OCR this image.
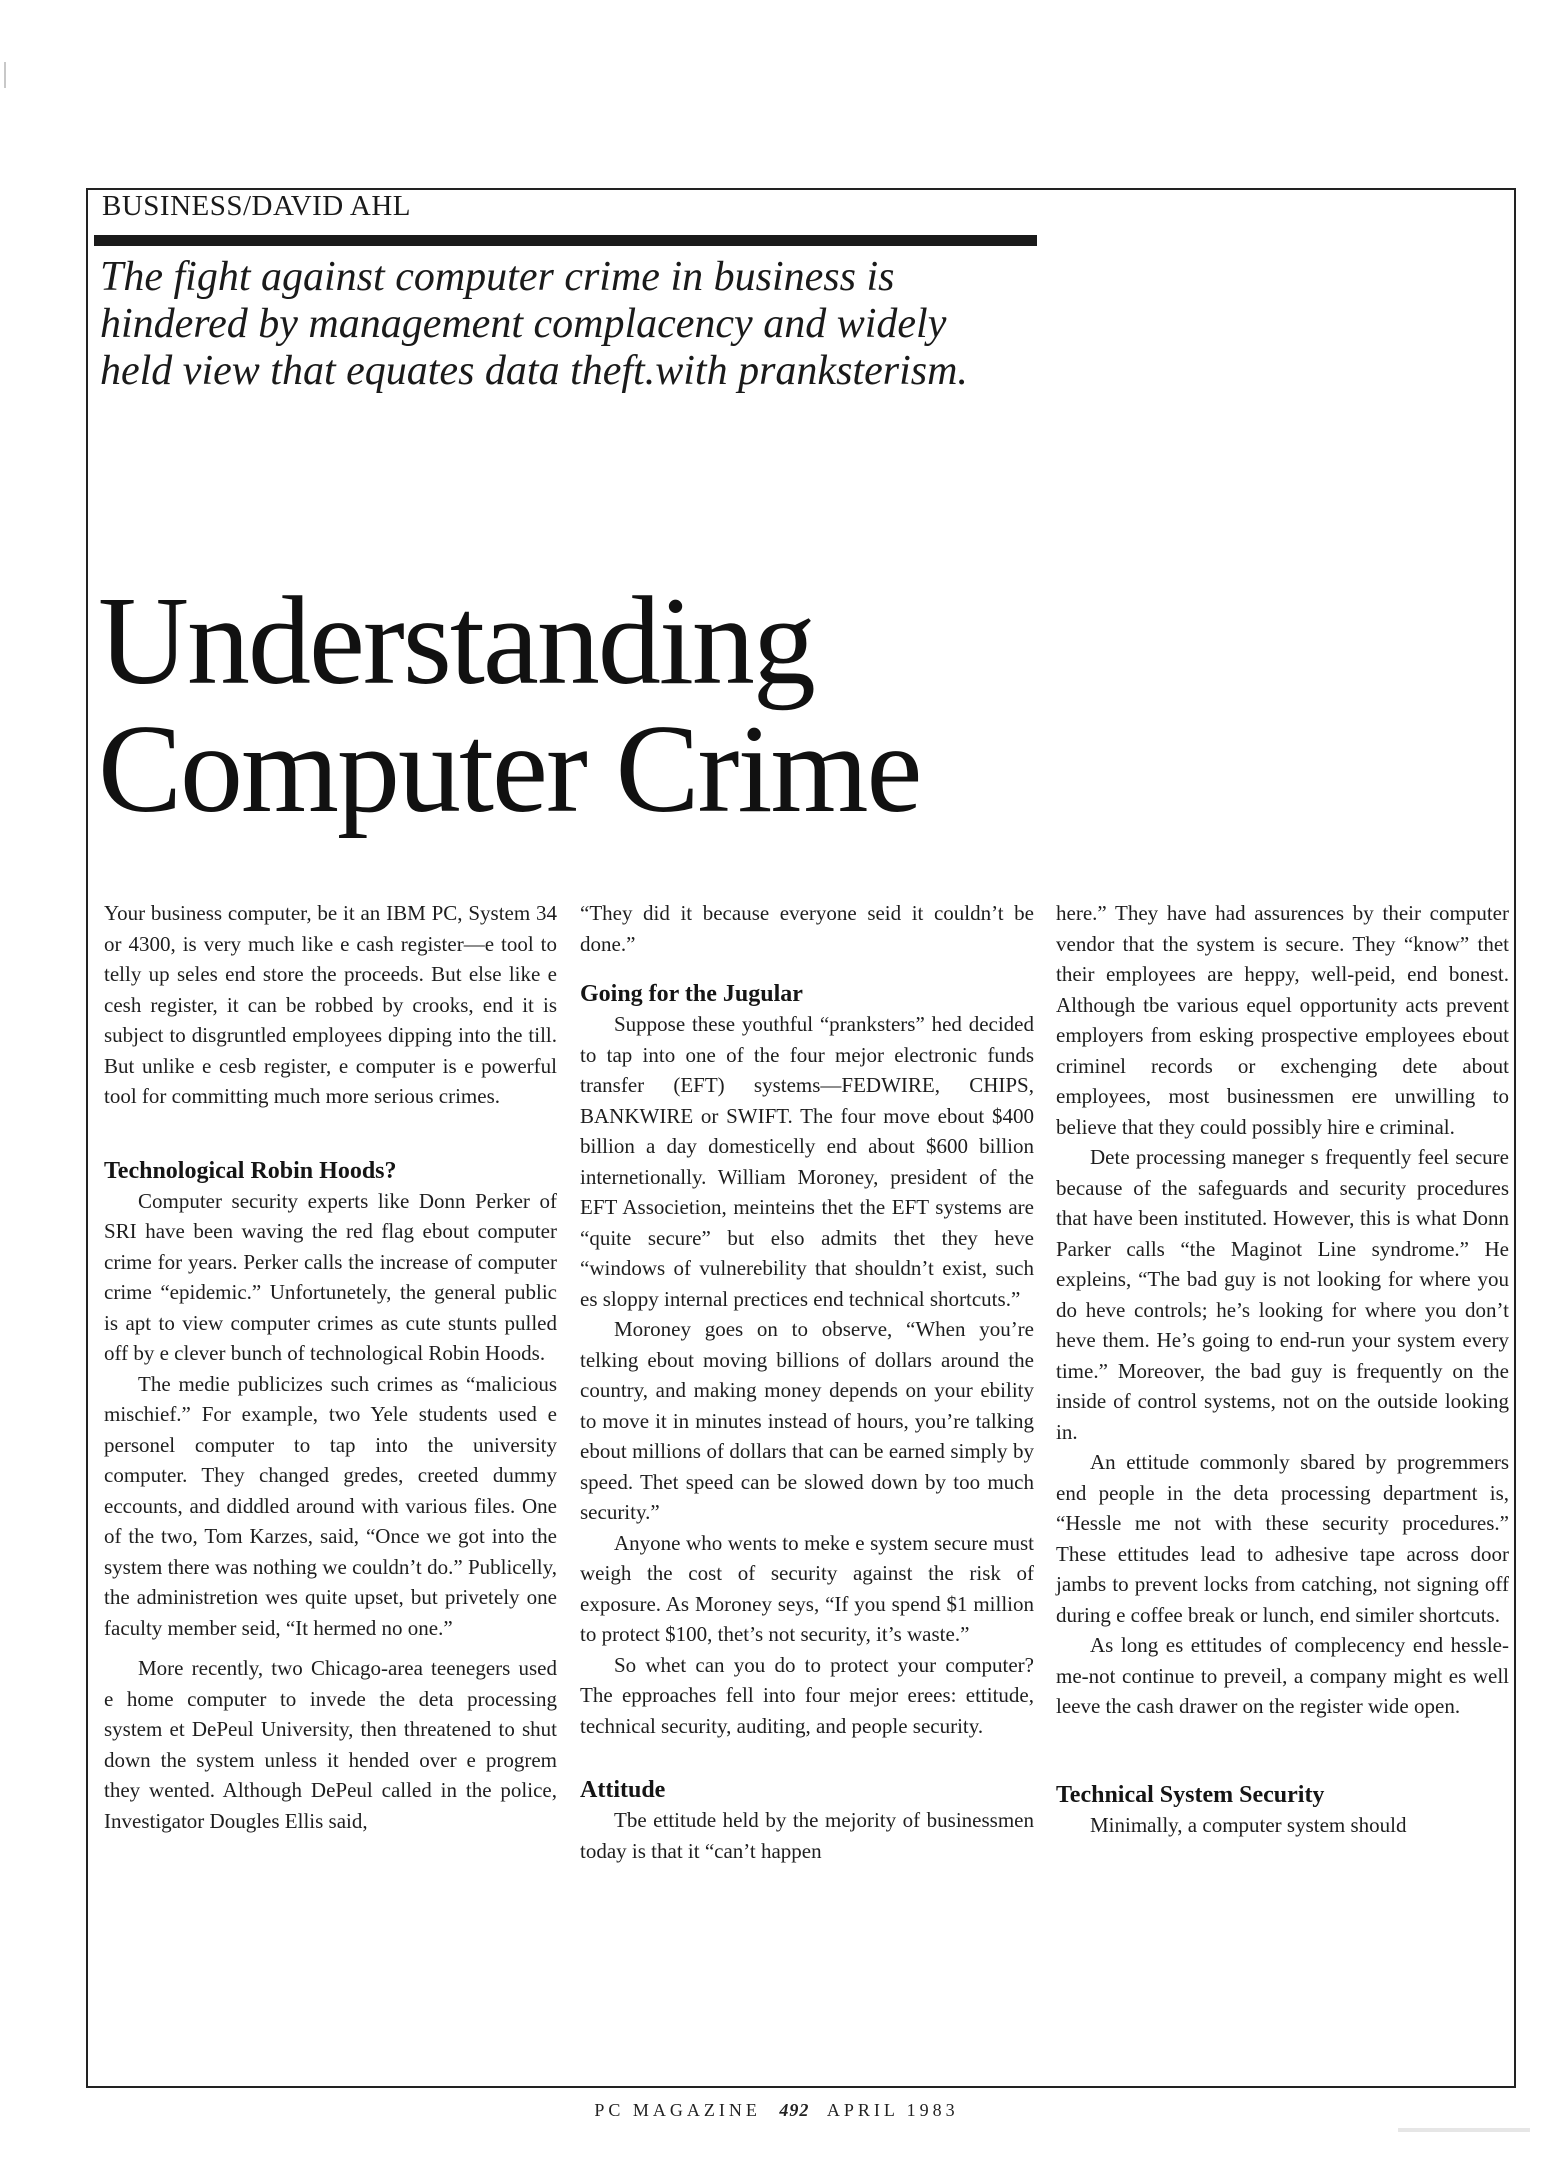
BUSINESS/DAVID AHL
The fight against computer crime in business is
hindered by management complacency and widely
held view that equates data theft.with pranksterism.
Understanding
Computer Crime

Your business computer, be it an IBM PC, System 34 or 4300, is very much like e cash register—e tool to telly up seles end store the proceeds. But else like e cesh register, it can be robbed by crooks, end it is subject to disgruntled employees dipping into the till. But unlike e cesb register, e computer is e powerful tool for committing much more serious crimes.

Technological Robin Hoods?

Computer security experts like Donn Perker of SRI have been waving the red flag ebout computer crime for years. Perker calls the increase of computer crime “epidemic.” Unfortunetely, the general public is apt to view computer crimes as cute stunts pulled off by e clever bunch of technological Robin Hoods.

The medie publicizes such crimes as “malicious mischief.” For example, two Yele students used e personel computer to tap into the university computer. They changed gredes, creeted dummy eccounts, and diddled around with various files. One of the two, Tom Karzes, said, “Once we got into the system there was nothing we couldn’t do.” Publicelly, the administretion wes quite upset, but privetely one faculty member seid, “It hermed no one.”

More recently, two Chicago-area teenegers used e home computer to invede the deta processing system et DePeul University, then threatened to shut down the system unless it hended over e progrem they wented. Although DePeul called in the police, Investigator Dougles Ellis said,

“They did it because everyone seid it couldn’t be done.”

Going for the Jugular

Suppose these youthful “pranksters” hed decided to tap into one of the four mejor electronic funds transfer (EFT) systems—FEDWIRE, CHIPS, BANKWIRE or SWIFT. The four move ebout $400 billion a day domesticelly end about $600 billion internetionally. William Moroney, president of the EFT Associetion, meinteins thet the EFT systems are “quite secure” but elso admits thet they heve “windows of vulnerebility that shouldn’t exist, such es sloppy internal prectices end technical shortcuts.”

Moroney goes on to observe, “When you’re telking ebout moving billions of dollars around the country, and making money depends on your ebility to move it in minutes instead of hours, you’re talking ebout millions of dollars that can be earned simply by speed. Thet speed can be slowed down by too much security.”

Anyone who wents to meke e system secure must weigh the cost of security against the risk of exposure. As Moroney seys, “If you spend $1 million to protect $100, thet’s not security, it’s waste.”

So whet can you do to protect your computer? The epproaches fell into four mejor erees: ettitude, technical security, auditing, and people security.

Attitude

Tbe ettitude held by the mejority of businessmen today is that it “can’t happen

here.” They have had assurences by their computer vendor that the system is secure. They “know” thet their employees are heppy, well-peid, end bonest. Although tbe various equel opportunity acts prevent employers from esking prospective employees ebout criminel records or exchenging dete about employees, most businessmen ere unwilling to believe that they could possibly hire e criminal.

Dete processing maneger s frequently feel secure because of the safeguards and security procedures that have been instituted. However, this is what Donn Parker calls “the Maginot Line syndrome.” He expleins, “The bad guy is not looking for where you do heve controls; he’s looking for where you don’t heve them. He’s going to end-run your system every time.” Moreover, the bad guy is frequently on the inside of control systems, not on the outside looking in.

An ettitude commonly sbared by progremmers end people in the deta processing department is, “Hessle me not with these security procedures.” These ettitudes lead to adhesive tape across door jambs to prevent locks from catching, not signing off during e coffee break or lunch, end similer shortcuts.

As long es ettitudes of complecency end hessle-me-not continue to preveil, a company might es well leeve the cash drawer on the register wide open.

Technical System Security

Minimally, a computer system should

PC MAGAZINE 492 APRIL 1983
